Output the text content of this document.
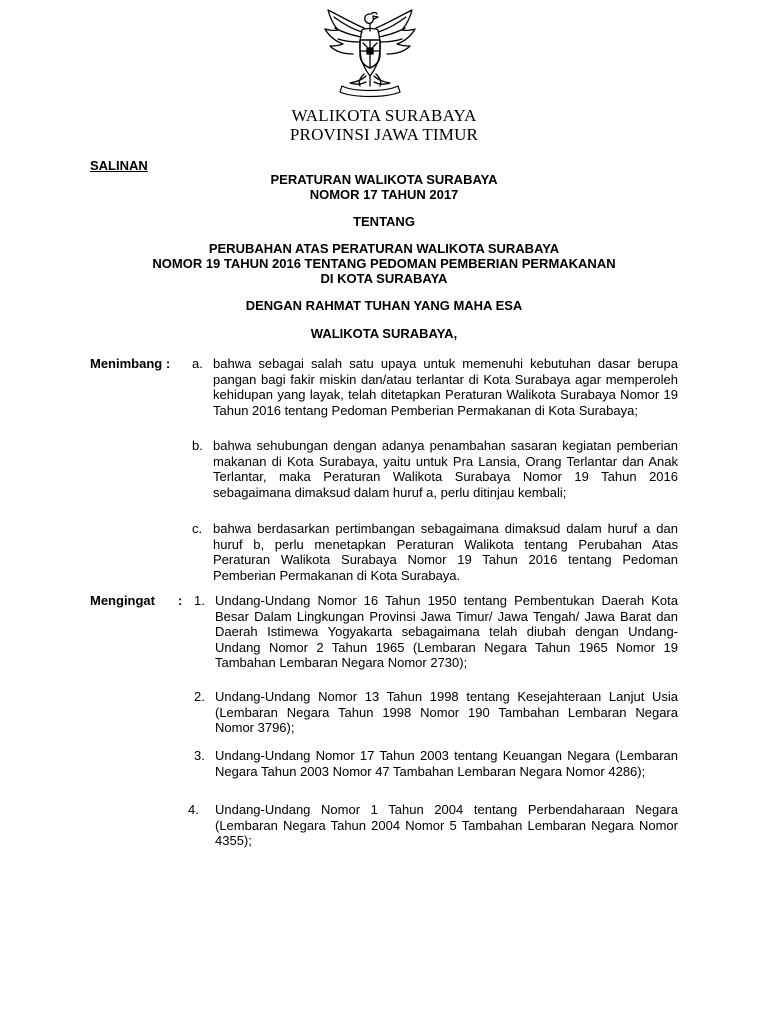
WALIKOTA SURABAYA
PROVINSI JAWA TIMUR
SALINAN
PERATURAN WALIKOTA SURABAYA
NOMOR 17 TAHUN 2017
TENTANG
PERUBAHAN ATAS PERATURAN WALIKOTA SURABAYA
NOMOR 19 TAHUN 2016 TENTANG PEDOMAN PEMBERIAN PERMAKANAN
DI KOTA SURABAYA
DENGAN RAHMAT TUHAN YANG MAHA ESA
WALIKOTA SURABAYA,
Menimbang : a. bahwa sebagai salah satu upaya untuk memenuhi kebutuhan dasar berupa pangan bagi fakir miskin dan/atau terlantar di Kota Surabaya agar memperoleh kehidupan yang layak, telah ditetapkan Peraturan Walikota Surabaya Nomor 19 Tahun 2016 tentang Pedoman Pemberian Permakanan di Kota Surabaya;
b. bahwa sehubungan dengan adanya penambahan sasaran kegiatan pemberian makanan di Kota Surabaya, yaitu untuk Pra Lansia, Orang Terlantar dan Anak Terlantar, maka Peraturan Walikota Surabaya Nomor 19 Tahun 2016 sebagaimana dimaksud dalam huruf a, perlu ditinjau kembali;
c. bahwa berdasarkan pertimbangan sebagaimana dimaksud dalam huruf a dan huruf b, perlu menetapkan Peraturan Walikota tentang Perubahan Atas Peraturan Walikota Surabaya Nomor 19 Tahun 2016 tentang Pedoman Pemberian Permakanan di Kota Surabaya.
Mengingat : 1. Undang-Undang Nomor 16 Tahun 1950 tentang Pembentukan Daerah Kota Besar Dalam Lingkungan Provinsi Jawa Timur/ Jawa Tengah/ Jawa Barat dan Daerah Istimewa Yogyakarta sebagaimana telah diubah dengan Undang-Undang Nomor 2 Tahun 1965 (Lembaran Negara Tahun 1965 Nomor 19 Tambahan Lembaran Negara Nomor 2730);
2. Undang-Undang Nomor 13 Tahun 1998 tentang Kesejahteraan Lanjut Usia (Lembaran Negara Tahun 1998 Nomor 190 Tambahan Lembaran Negara Nomor 3796);
3. Undang-Undang Nomor 17 Tahun 2003 tentang Keuangan Negara (Lembaran Negara Tahun 2003 Nomor 47 Tambahan Lembaran Negara Nomor 4286);
4. Undang-Undang Nomor 1 Tahun 2004 tentang Perbendaharaan Negara (Lembaran Negara Tahun 2004 Nomor 5 Tambahan Lembaran Negara Nomor 4355);
